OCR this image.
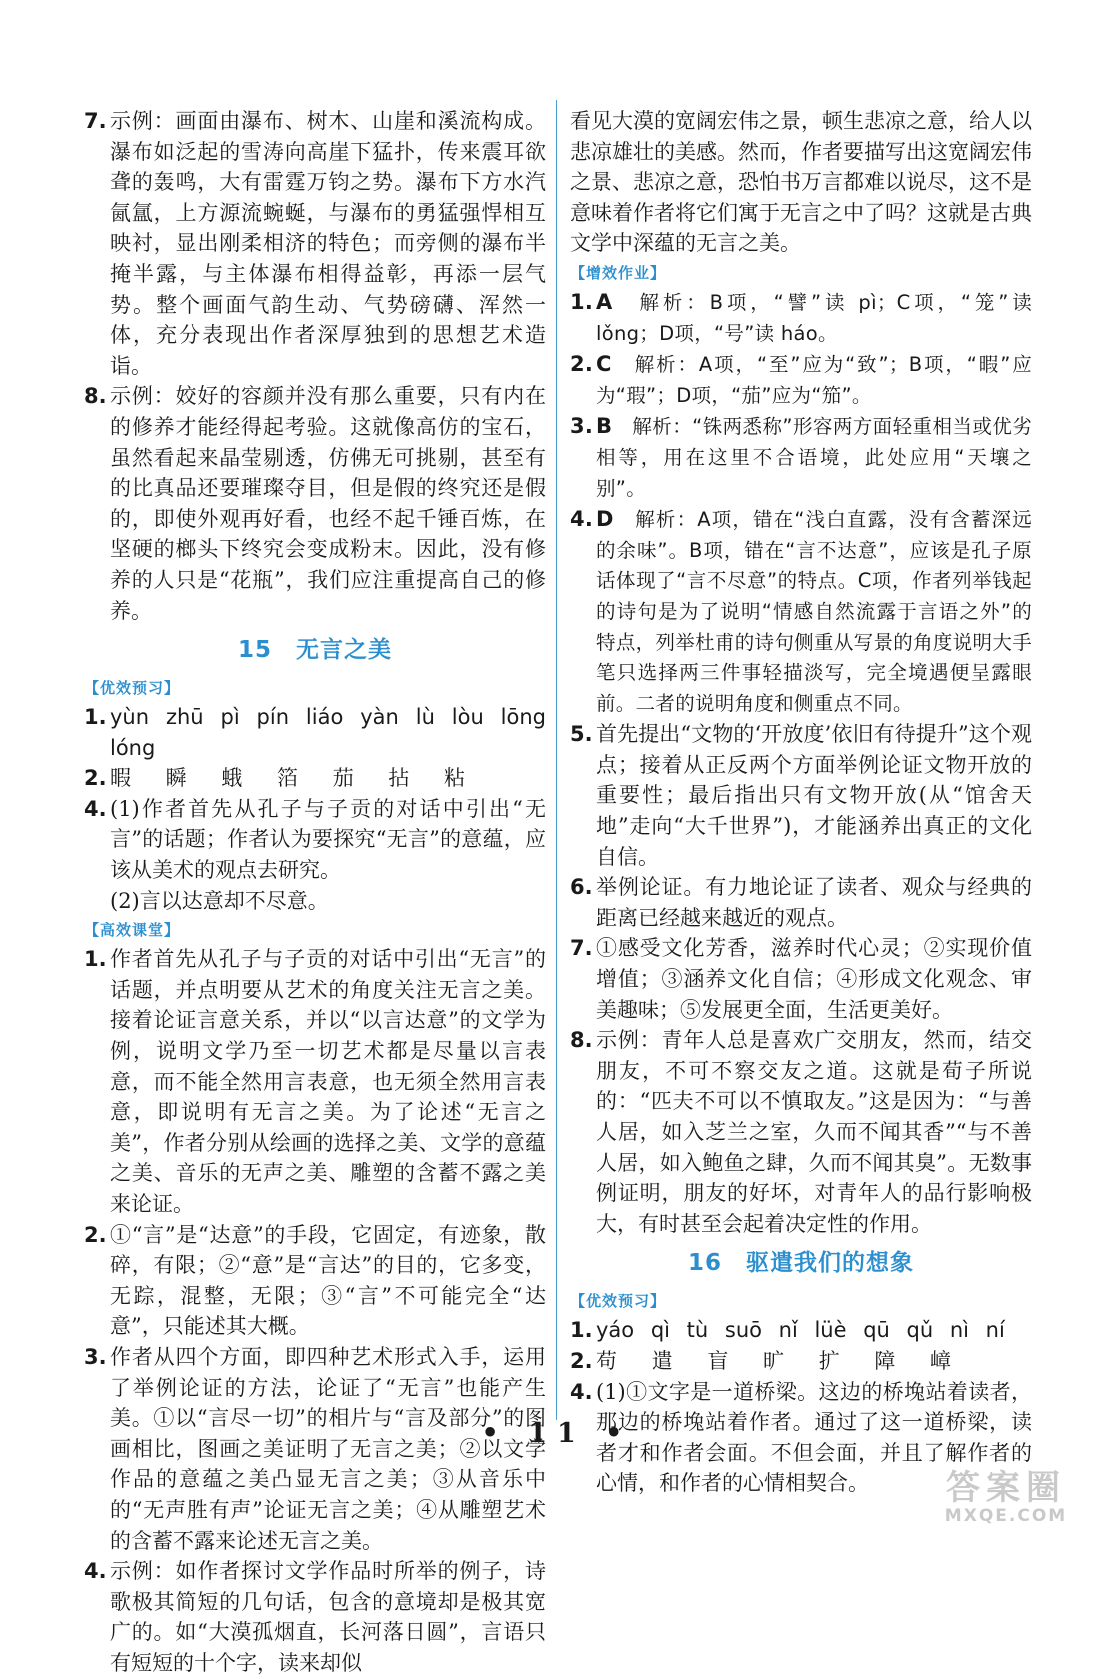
7. 示例：画面由瀑布、树木、山崖和溪流构成。瀑布如泛起的雪涛向高崖下猛扑，传来震耳欲聋的轰鸣，大有雷霆万钧之势。瀑布下方水汽氤氲，上方源流蜿蜒，与瀑布的勇猛强悍相互映衬，显出刚柔相济的特色；而旁侧的瀑布半掩半露，与主体瀑布相得益彰，再添一层气势。整个画面气韵生动、气势磅礴、浑然一体，充分表现出作者深厚独到的思想艺术造诣。
8. 示例：姣好的容颜并没有那么重要，只有内在的修养才能经得起考验。这就像高仿的宝石，虽然看起来晶莹剔透，仿佛无可挑剔，甚至有的比真品还要璀璨夺目，但是假的终究还是假的，即使外观再好看，也经不起千锤百炼，在坚硬的榔头下终究会变成粉末。因此，没有修养的人只是“花瓶”，我们应注重提高自己的修养。
15 无言之美
【优效预习】
1. yùn zhū pì pín liáo yàn lù lòu lōng lóng
2. 暇 瞬 蛾 箔 茄 拈 粘
4. (1)作者首先从孔子与子贡的对话中引出“无言”的话题；作者认为要探究“无言”的意蕴，应该从美术的观点去研究。
(2)言以达意却不尽意。
【高效课堂】
1. 作者首先从孔子与子贡的对话中引出“无言”的话题，并点明要从艺术的角度关注无言之美。接着论证言意关系，并以“以言达意”的文学为例，说明文学乃至一切艺术都是尽量以言表意，而不能全然用言表意，也无须全然用言表意，即说明有无言之美。为了论述“无言之美”，作者分别从绘画的选择之美、文学的意蕴之美、音乐的无声之美、雕塑的含蓄不露之美来论证。
2. ①“言”是“达意”的手段，它固定，有迹象，散碎，有限；②“意”是“言达”的目的，它多变，无踪，混整，无限；③“言”不可能完全“达意”，只能述其大概。
3. 作者从四个方面，即四种艺术形式入手，运用了举例论证的方法，论证了“无言”也能产生美。①以“言尽一切”的相片与“言及部分”的图画相比，图画之美证明了无言之美；②以文学作品的意蕴之美凸显无言之美；③从音乐中的“无声胜有声”论证无言之美；④从雕塑艺术的含蓄不露来论述无言之美。
4. 示例：如作者探讨文学作品时所举的例子，诗歌极其简短的几句话，包含的意境却是极其宽广的。如“大漠孤烟直，长河落日圆”，言语只有短短的十个字，读来却似
看见大漠的宽阔宏伟之景，顿生悲凉之意，给人以悲凉雄壮的美感。然而，作者要描写出这宽阔宏伟之景、悲凉之意，恐怕书万言都难以说尽，这不是意味着作者将它们寓于无言之中了吗？这就是古典文学中深蕴的无言之美。
【增效作业】
1. A　解析：B项，“譬”读 pì；C项，“笼”读 lǒng；D项，“号”读 háo。
2. C　解析：A项，“至”应为“致”；B项，“暇”应为“瑕”；D项，“茄”应为“笳”。
3. B　解析：“铢两悉称”形容两方面轻重相当或优劣相等，用在这里不合语境，此处应用“天壤之别”。
4. D　解析：A项，错在“浅白直露，没有含蓄深远的余味”。B项，错在“言不达意”，应该是孔子原话体现了“言不尽意”的特点。C项，作者列举钱起的诗句是为了说明“情感自然流露于言语之外”的特点，列举杜甫的诗句侧重从写景的角度说明大手笔只选择两三件事轻描淡写，完全境遇便呈露眼前。二者的说明角度和侧重点不同。
5. 首先提出“文物的‘开放度’依旧有待提升”这个观点；接着从正反两个方面举例论证文物开放的重要性；最后指出只有文物开放(从“馆舍天地”走向“大千世界”)，才能涵养出真正的文化自信。
6. 举例论证。有力地论证了读者、观众与经典的距离已经越来越近的观点。
7. ①感受文化芳香，滋养时代心灵；②实现价值增值；③涵养文化自信；④形成文化观念、审美趣味；⑤发展更全面，生活更美好。
8. 示例：青年人总是喜欢广交朋友，然而，结交朋友，不可不察交友之道。这就是荀子所说的：“匹夫不可以不慎取友。”这是因为：“与善人居，如入芝兰之室，久而不闻其香”“与不善人居，如入鲍鱼之肆，久而不闻其臭”。无数事例证明，朋友的好坏，对青年人的品行影响极大，有时甚至会起着决定性的作用。
16 驱遣我们的想象
【优效预习】
1. yáo qì tù suō nǐ lüè qū qǔ nì ní
2. 苟 遣 盲 旷 扩 障 嶂
4. (1)①文字是一道桥梁。这边的桥堍站着读者，那边的桥堍站着作者。通过了这一道桥梁，读者才和作者会面。不但会面，并且了解作者的心情，和作者的心情相契合。
• 11 •
答案圈
MXQE.COM
